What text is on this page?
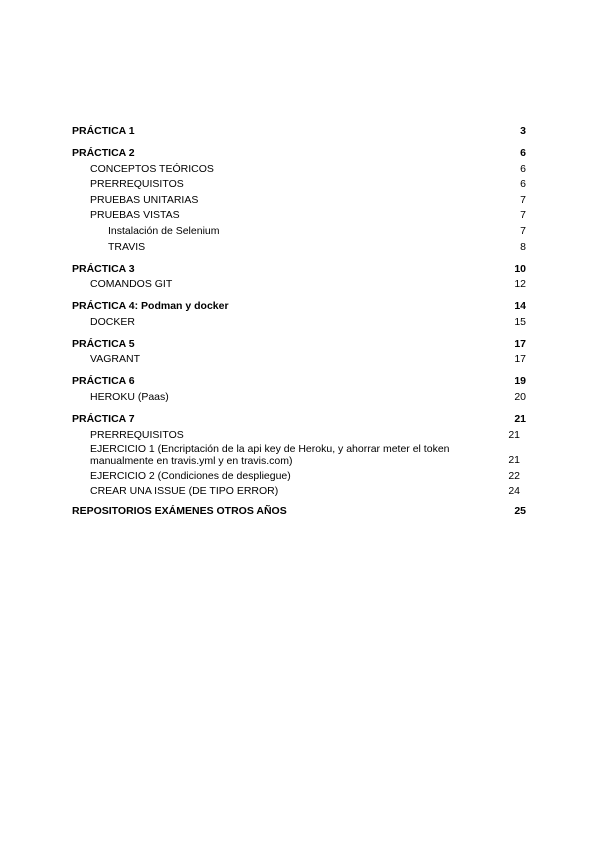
PRÁCTICA 1	3
PRÁCTICA 2	6
CONCEPTOS TEÓRICOS	6
PRERREQUISITOS	6
PRUEBAS UNITARIAS	7
PRUEBAS VISTAS	7
Instalación de Selenium	7
TRAVIS	8
PRÁCTICA 3	10
COMANDOS GIT	12
PRÁCTICA 4: Podman y docker	14
DOCKER	15
PRÁCTICA 5	17
VAGRANT	17
PRÁCTICA 6	19
HEROKU (Paas)	20
PRÁCTICA 7	21
PRERREQUISITOS	21
EJERCICIO 1 (Encriptación de la api key de Heroku, y ahorrar meter el token manualmente en travis.yml y en travis.com)	21
EJERCICIO 2 (Condiciones de despliegue)	22
CREAR UNA ISSUE (DE TIPO ERROR)	24
REPOSITORIOS EXÁMENES OTROS AÑOS	25
